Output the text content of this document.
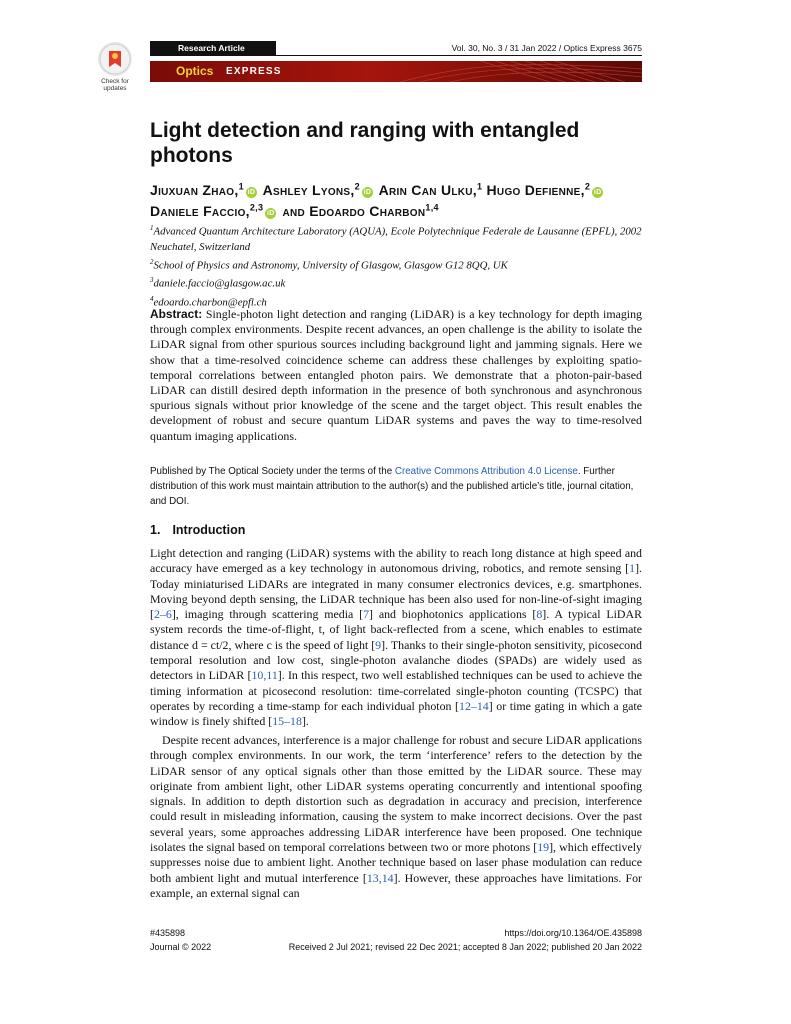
Check for
updates
Research Article	Vol. 30, No. 3 / 31 Jan 2022 / Optics Express 3675
Optics EXPRESS
Light detection and ranging with entangled photons
Jiuxuan Zhao,$^1$iD Ashley Lyons,$^2$iD Arin Can Ulku,$^1$ Hugo Defienne,$^2$iD Daniele Faccio,$^{2,3}$iD and Edoardo Charbon$^{1,4}$
$^1$Advanced Quantum Architecture Laboratory (AQUA), Ecole Polytechnique Federale de Lausanne (EPFL), 2002 Neuchatel, Switzerland
$^2$School of Physics and Astronomy, University of Glasgow, Glasgow G12 8QQ, UK
$^3$daniele.faccio@glasgow.ac.uk
$^4$edoardo.charbon@epfl.ch
Abstract: Single-photon light detection and ranging (LiDAR) is a key technology for depth imaging through complex environments. Despite recent advances, an open challenge is the ability to isolate the LiDAR signal from other spurious sources including background light and jamming signals. Here we show that a time-resolved coincidence scheme can address these challenges by exploiting spatio-temporal correlations between entangled photon pairs. We demonstrate that a photon-pair-based LiDAR can distill desired depth information in the presence of both synchronous and asynchronous spurious signals without prior knowledge of the scene and the target object. This result enables the development of robust and secure quantum LiDAR systems and paves the way to time-resolved quantum imaging applications.
Published by The Optical Society under the terms of the Creative Commons Attribution 4.0 License. Further distribution of this work must maintain attribution to the author(s) and the published article’s title, journal citation, and DOI.
1. Introduction
Light detection and ranging (LiDAR) systems with the ability to reach long distance at high speed and accuracy have emerged as a key technology in autonomous driving, robotics, and remote sensing [1]. Today miniaturised LiDARs are integrated in many consumer electronics devices, e.g. smartphones. Moving beyond depth sensing, the LiDAR technique has been also used for non-line-of-sight imaging [2–6], imaging through scattering media [7] and biophotonics applications [8]. A typical LiDAR system records the time-of-flight, t, of light back-reflected from a scene, which enables to estimate distance d = ct/2, where c is the speed of light [9]. Thanks to their single-photon sensitivity, picosecond temporal resolution and low cost, single-photon avalanche diodes (SPADs) are widely used as detectors in LiDAR [10,11]. In this respect, two well established techniques can be used to achieve the timing information at picosecond resolution: time-correlated single-photon counting (TCSPC) that operates by recording a time-stamp for each individual photon [12–14] or time gating in which a gate window is finely shifted [15–18].
Despite recent advances, interference is a major challenge for robust and secure LiDAR applications through complex environments. In our work, the term ‘interference’ refers to the detection by the LiDAR sensor of any optical signals other than those emitted by the LiDAR source. These may originate from ambient light, other LiDAR systems operating concurrently and intentional spoofing signals. In addition to depth distortion such as degradation in accuracy and precision, interference could result in misleading information, causing the system to make incorrect decisions. Over the past several years, some approaches addressing LiDAR interference have been proposed. One technique isolates the signal based on temporal correlations between two or more photons [19], which effectively suppresses noise due to ambient light. Another technique based on laser phase modulation can reduce both ambient light and mutual interference [13,14]. However, these approaches have limitations. For example, an external signal can
#435898
Journal © 2022
https://doi.org/10.1364/OE.435898
Received 2 Jul 2021; revised 22 Dec 2021; accepted 8 Jan 2022; published 20 Jan 2022
